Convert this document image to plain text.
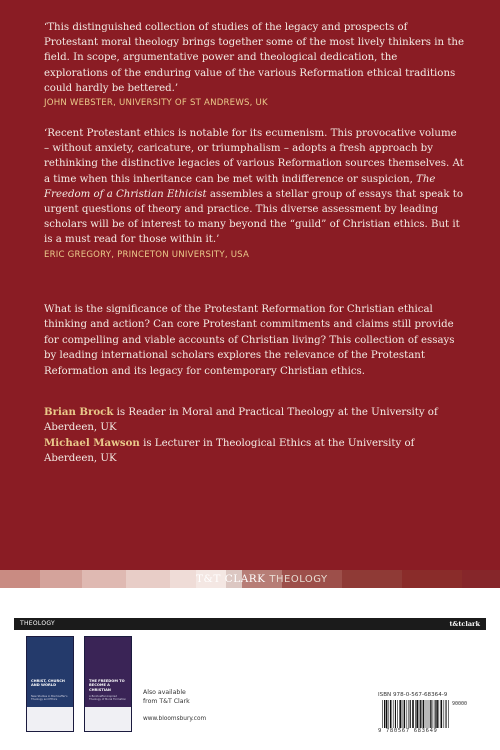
‘This distinguished collection of studies of the legacy and prospects of Protestant moral theology brings together some of the most lively thinkers in the field. In scope, argumentative power and theological dedication, the explorations of the enduring value of the various Reformation ethical traditions could hardly be bettered.’

JOHN WEBSTER, UNIVERSITY OF ST ANDREWS, UK

‘Recent Protestant ethics is notable for its ecumenism. This provocative volume – without anxiety, caricature, or triumphalism – adopts a fresh approach by rethinking the distinctive legacies of various Reformation sources themselves. At a time when this inheritance can be met with indifference or suspicion, The Freedom of a Christian Ethicist assembles a stellar group of essays that speak to urgent questions of theory and practice. This diverse assessment by leading scholars will be of interest to many beyond the “guild” of Christian ethics. But it is a must read for those within it.’

ERIC GREGORY, PRINCETON UNIVERSITY, USA

What is the significance of the Protestant Reformation for Christian ethical thinking and action? Can core Protestant commitments and claims still provide for compelling and viable accounts of Christian living? This collection of essays by leading international scholars explores the relevance of the Protestant Reformation and its legacy for contemporary Christian ethics.

Brian Brock is Reader in Moral and Practical Theology at the University of Aberdeen, UK

Michael Mawson is Lecturer in Theological Ethics at the University of Aberdeen, UK

T&T CLARK THEOLOGY
THEOLOGY	t&tclark
CHRIST, CHURCH AND WORLD
New Studies in Bonhoeffer's Theology and Ethics
THE FREEDOM TO BECOME A CHRISTIAN
A Bonhoeffer-Inspired Theology of Moral Formation
Also available
from T&T Clark
www.bloomsbury.com
ISBN 978-0-567-68364-9
90000
9 780567 683649
